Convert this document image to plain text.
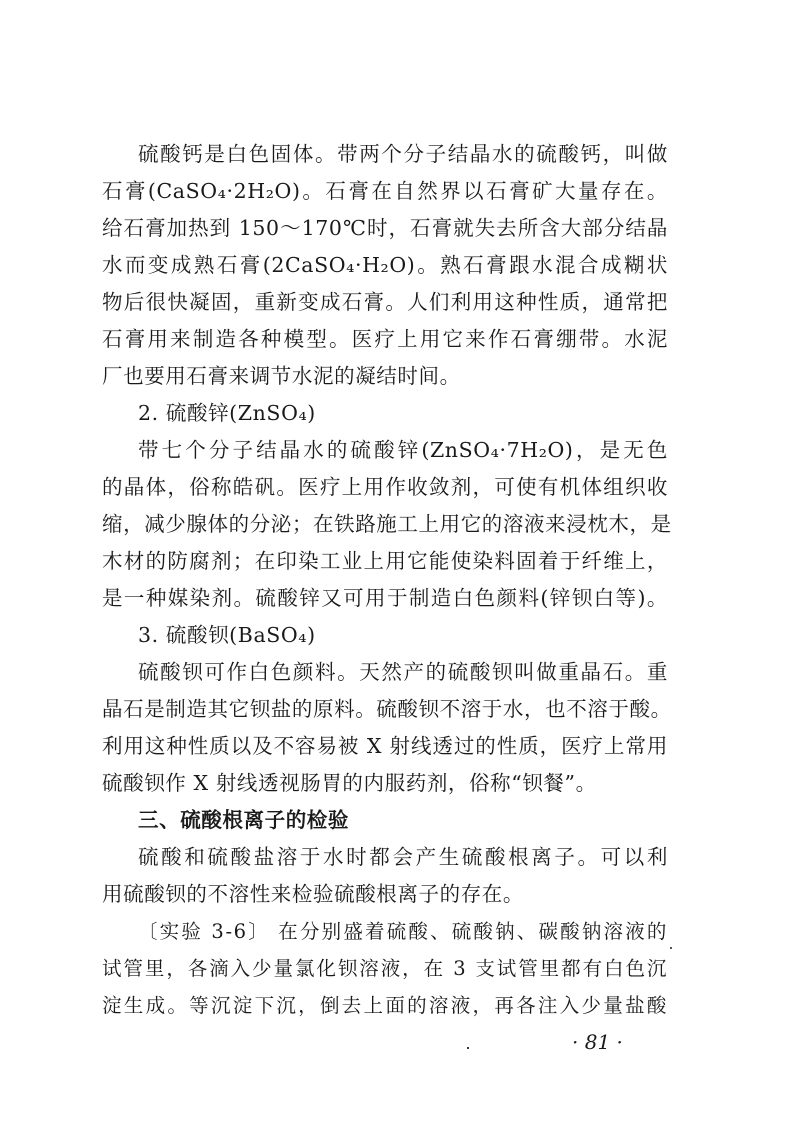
硫酸钙是白色固体。带两个分子结晶水的硫酸钙，叫做
石膏(CaSO₄·2H₂O)。石膏在自然界以石膏矿大量存在。
给石膏加热到 150～170℃时，石膏就失去所含大部分结晶
水而变成熟石膏(2CaSO₄·H₂O)。熟石膏跟水混合成糊状
物后很快凝固，重新变成石膏。人们利用这种性质，通常把
石膏用来制造各种模型。医疗上用它来作石膏绷带。水泥
厂也要用石膏来调节水泥的凝结时间。
2. 硫酸锌(ZnSO₄)
带七个分子结晶水的硫酸锌(ZnSO₄·7H₂O)，是无色
的晶体，俗称皓矾。医疗上用作收敛剂，可使有机体组织收
缩，减少腺体的分泌；在铁路施工上用它的溶液来浸枕木，是
木材的防腐剂；在印染工业上用它能使染料固着于纤维上，
是一种媒染剂。硫酸锌又可用于制造白色颜料(锌钡白等)。
3. 硫酸钡(BaSO₄)
硫酸钡可作白色颜料。天然产的硫酸钡叫做重晶石。重
晶石是制造其它钡盐的原料。硫酸钡不溶于水，也不溶于酸。
利用这种性质以及不容易被 X 射线透过的性质，医疗上常用
硫酸钡作 X 射线透视肠胃的内服药剂，俗称“钡餐”。
三、硫酸根离子的检验
硫酸和硫酸盐溶于水时都会产生硫酸根离子。可以利
用硫酸钡的不溶性来检验硫酸根离子的存在。
〔实验 3-6〕 在分别盛着硫酸、硫酸钠、碳酸钠溶液的
试管里，各滴入少量氯化钡溶液，在 3 支试管里都有白色沉
淀生成。等沉淀下沉，倒去上面的溶液，再各注入少量盐酸
· 81 ·
